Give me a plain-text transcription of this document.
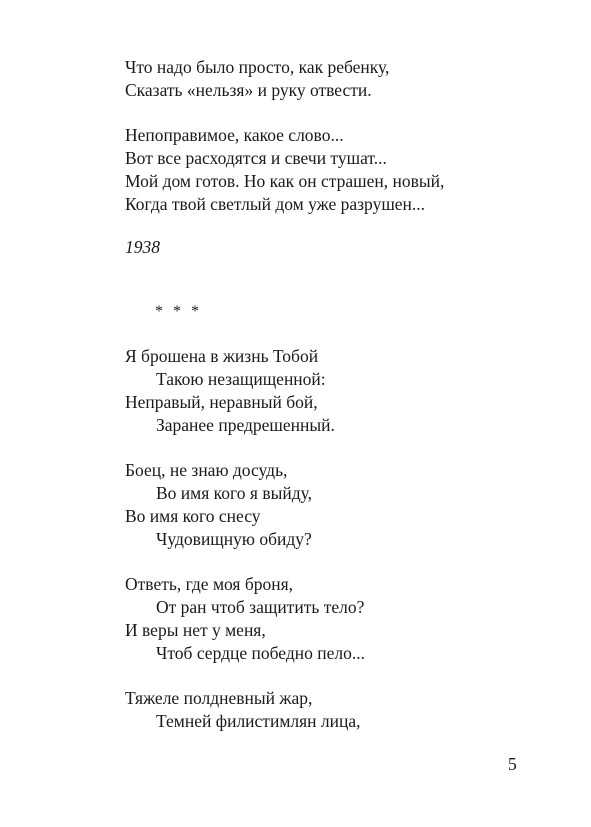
Что надо было просто, как ребенку,
Сказать «нельзя» и руку отвести.
Непоправимое, какое слово...
Вот все расходятся и свечи тушат...
Мой дом готов. Но как он страшен, новый,
Когда твой светлый дом уже разрушен...
1938
* * *
Я брошена в жизнь Тобой
Такою незащищенной:
Неправый, неравный бой,
Заранее предрешенный.
Боец, не знаю досудь,
Во имя кого я выйду,
Во имя кого снесу
Чудовищную обиду?
Ответь, где моя броня,
От ран чтоб защитить тело?
И веры нет у меня,
Чтоб сердце победно пело...
Тяжеле полдневный жар,
Темней филистимлян лица,
5
